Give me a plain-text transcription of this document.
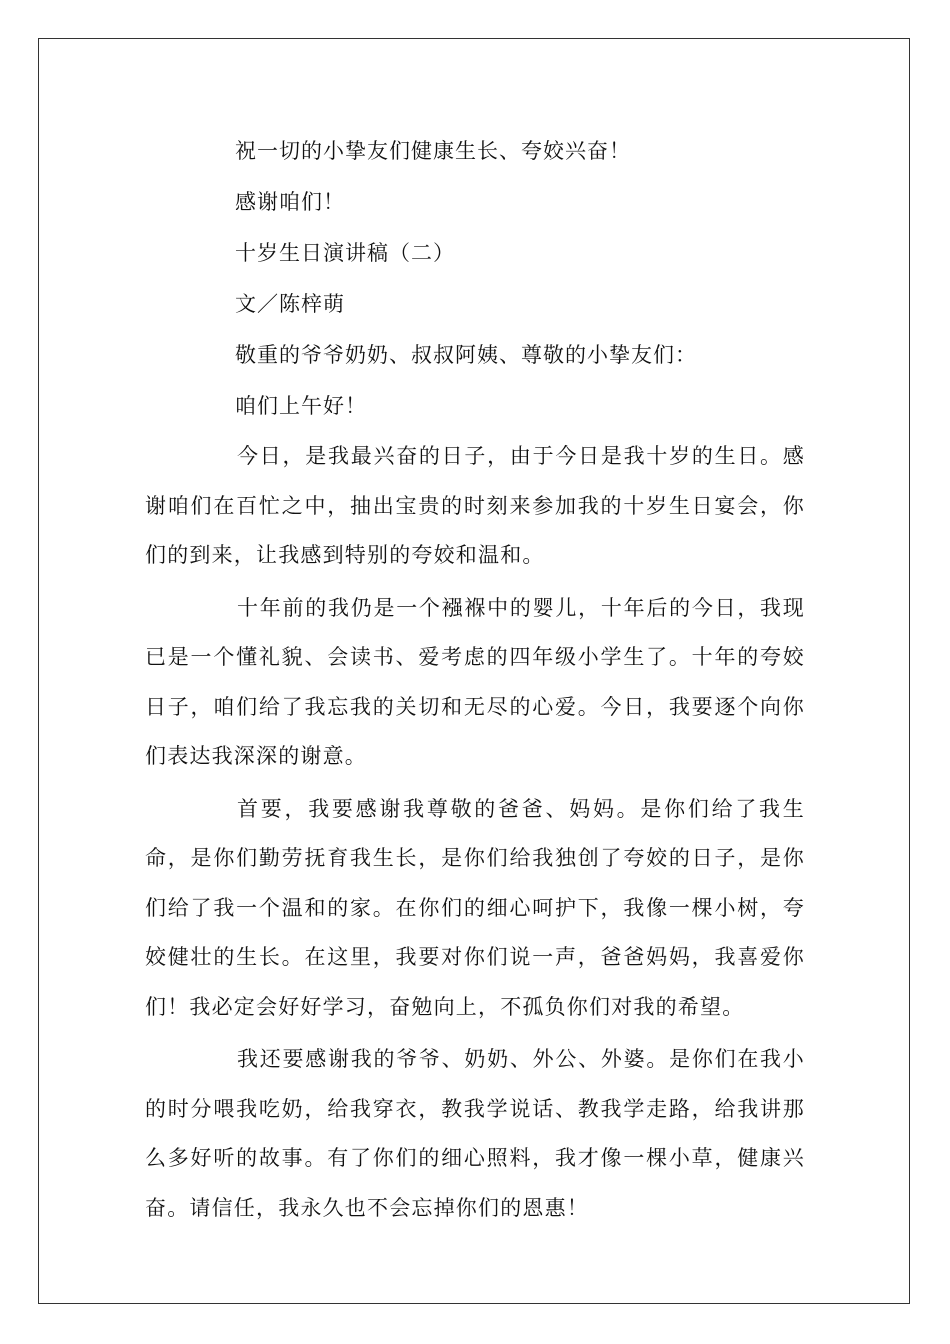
祝一切的小挚友们健康生长、夸姣兴奋！

感谢咱们！

十岁生日演讲稿（二）

文／陈梓萌

敬重的爷爷奶奶、叔叔阿姨、尊敬的小挚友们：

咱们上午好！

今日，是我最兴奋的日子，由于今日是我十岁的生日。感谢咱们在百忙之中，抽出宝贵的时刻来参加我的十岁生日宴会，你们的到来，让我感到特别的夸姣和温和。

十年前的我仍是一个襁褓中的婴儿，十年后的今日，我现已是一个懂礼貌、会读书、爱考虑的四年级小学生了。十年的夸姣日子，咱们给了我忘我的关切和无尽的心爱。今日，我要逐个向你们表达我深深的谢意。

首要，我要感谢我尊敬的爸爸、妈妈。是你们给了我生命，是你们勤劳抚育我生长，是你们给我独创了夸姣的日子，是你们给了我一个温和的家。在你们的细心呵护下，我像一棵小树，夸姣健壮的生长。在这里，我要对你们说一声，爸爸妈妈，我喜爱你们！我必定会好好学习，奋勉向上，不孤负你们对我的希望。

我还要感谢我的爷爷、奶奶、外公、外婆。是你们在我小的时分喂我吃奶，给我穿衣，教我学说话、教我学走路，给我讲那么多好听的故事。有了你们的细心照料，我才像一棵小草，健康兴奋。请信任，我永久也不会忘掉你们的恩惠！
